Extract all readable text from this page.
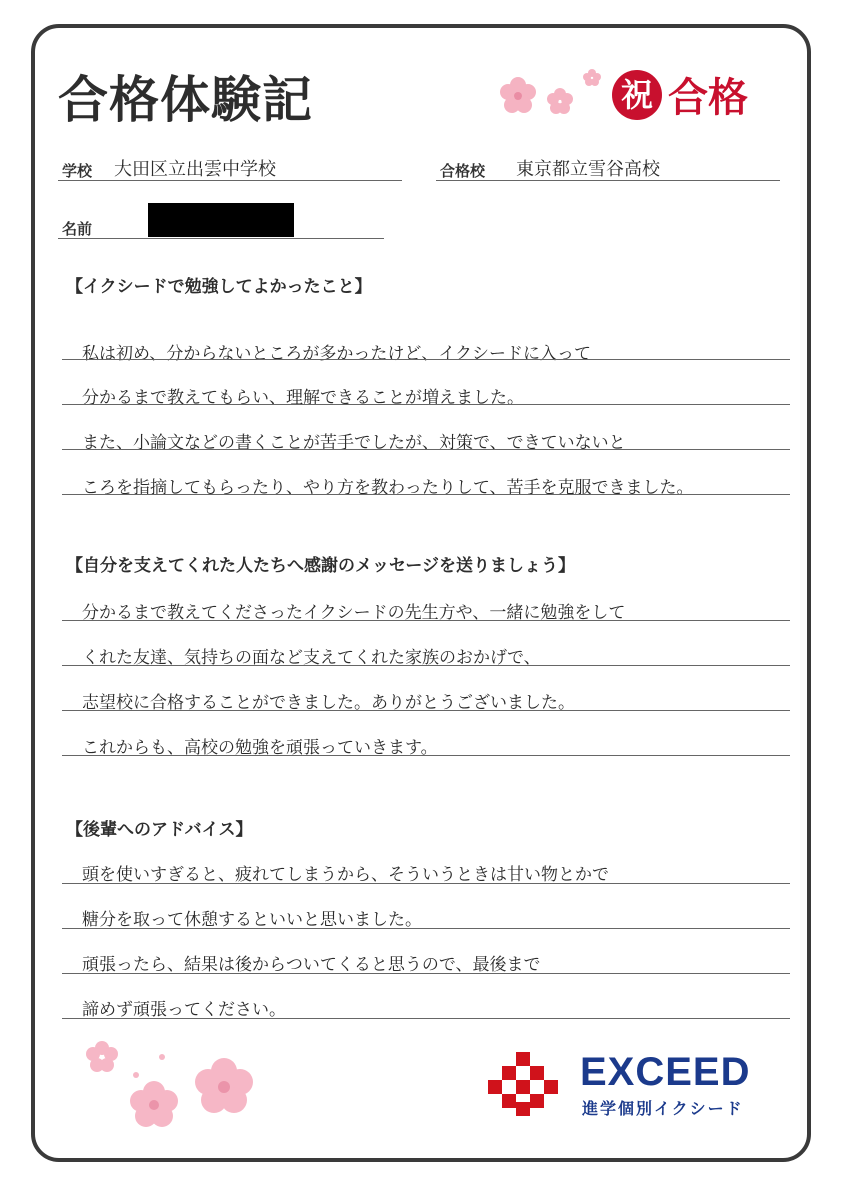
合格体験記	祝 合格
学校 大田区立出雲中学校	合格校 東京都立雪谷高校
名前
【イクシードで勉強してよかったこと】
私は初め、分からないところが多かったけど、イクシードに入って
分かるまで教えてもらい、理解できることが増えました。
また、小論文などの書くことが苦手でしたが、対策で、できていないと
ころを指摘してもらったり、やり方を教わったりして、苦手を克服できました。
【自分を支えてくれた人たちへ感謝のメッセージを送りましょう】
分かるまで教えてくださったイクシードの先生方や、一緒に勉強をして
くれた友達、気持ちの面など支えてくれた家族のおかげで、
志望校に合格することができました。ありがとうございました。
これからも、高校の勉強を頑張っていきます。
【後輩へのアドバイス】
頭を使いすぎると、疲れてしまうから、そういうときは甘い物とかで
糖分を取って休憩するといいと思いました。
頑張ったら、結果は後からついてくると思うので、最後まで
諦めず頑張ってください。
EXCEED
進学個別イクシード
